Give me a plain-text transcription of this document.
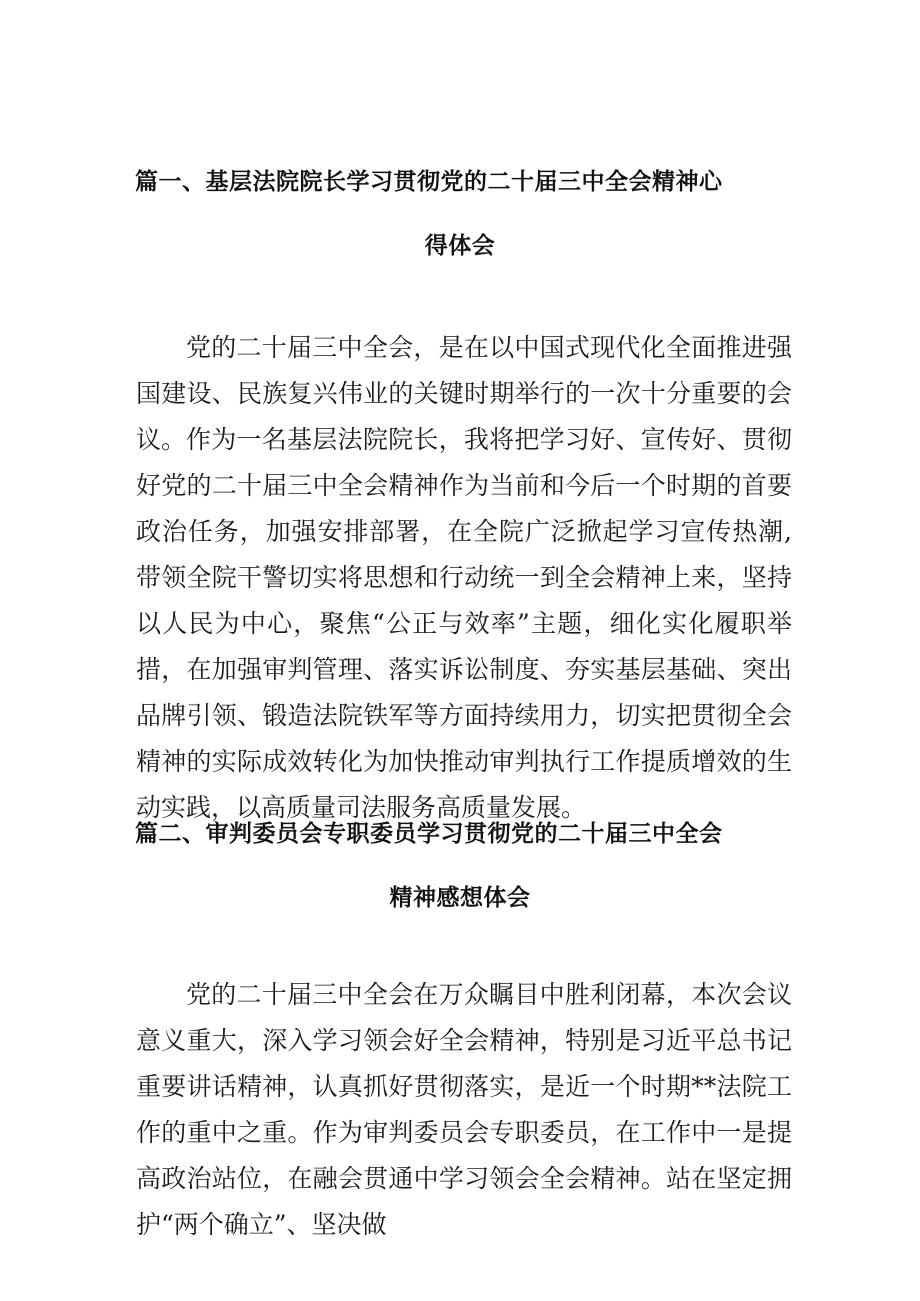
篇一、基层法院院长学习贯彻党的二十届三中全会精神心
得体会

党的二十届三中全会，是在以中国式现代化全面推进强国建设、民族复兴伟业的关键时期举行的一次十分重要的会议。 作为一名基层法院院长，我将把学习好、宣传好、贯彻好党的二十届三中全会精神作为当前和今后一个时期的首要政治任务，加强安排部署，在全院广泛掀起学习宣传热潮,带领全院干警切实将思想和行动统一到全会精神上来，坚持以人民为中心，聚焦“公正与效率”主题，细化实化履职举措，在加强审判管理、落实诉讼制度、夯实基层基础、突出品牌引领、锻造法院铁军等方面持续用力，切实把贯彻全会精神的实际成效转化为加快推动审判执行工作提质增效的生动实践，以高质量司法服务高质量发展。

篇二、审判委员会专职委员学习贯彻党的二十届三中全会
精神感想体会

党的二十届三中全会在万众瞩目中胜利闭幕，本次会议意义重大，深入学习领会好全会精神，特别是习近平总书记重要讲话精神，认真抓好贯彻落实，是近一个时期**法院工作的重中之重。作为审判委员会专职委员，在工作中一是提高政治站位，在融会贯通中学习领会全会精神。站在坚定拥护“两个确立”、坚决做
